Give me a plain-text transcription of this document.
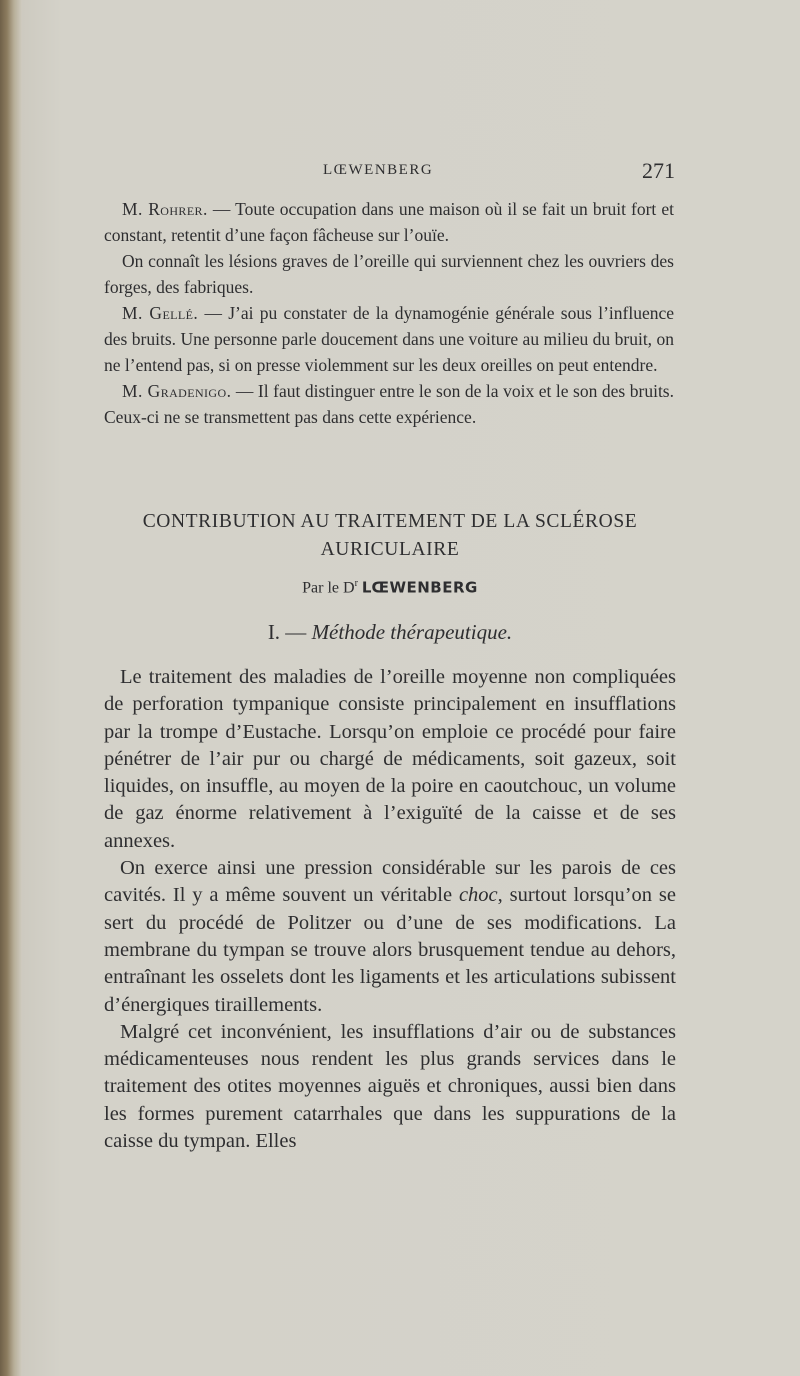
LŒWENBERG	271

M. Rohrer. — Toute occupation dans une maison où il se fait un bruit fort et constant, retentit d’une façon fâcheuse sur l’ouïe.

On connaît les lésions graves de l’oreille qui surviennent chez les ouvriers des forges, des fabriques.

M. Gellé. — J’ai pu constater de la dynamogénie générale sous l’influence des bruits. Une personne parle doucement dans une voiture au milieu du bruit, on ne l’entend pas, si on presse violemment sur les deux oreilles on peut entendre.

M. Gradenigo. — Il faut distinguer entre le son de la voix et le son des bruits. Ceux-ci ne se transmettent pas dans cette expérience.

CONTRIBUTION AU TRAITEMENT DE LA SCLÉROSE
AURICULAIRE
Par le $D^r$ LŒWENBERG
I. — Méthode thérapeutique.

Le traitement des maladies de l’oreille moyenne non compliquées de perforation tympanique consiste principalement en insufflations par la trompe d’Eustache. Lorsqu’on emploie ce procédé pour faire pénétrer de l’air pur ou chargé de médicaments, soit gazeux, soit liquides, on insuffle, au moyen de la poire en caoutchouc, un volume de gaz énorme relativement à l’exiguïté de la caisse et de ses annexes.

On exerce ainsi une pression considérable sur les parois de ces cavités. Il y a même souvent un véritable choc, surtout lorsqu’on se sert du procédé de Politzer ou d’une de ses modifications. La membrane du tympan se trouve alors brusquement tendue au dehors, entraînant les osselets dont les ligaments et les articulations subissent d’énergiques tiraillements.

Malgré cet inconvénient, les insufflations d’air ou de substances médicamenteuses nous rendent les plus grands services dans le traitement des otites moyennes aiguës et chroniques, aussi bien dans les formes purement catarrhales que dans les suppurations de la caisse du tympan. Elles
